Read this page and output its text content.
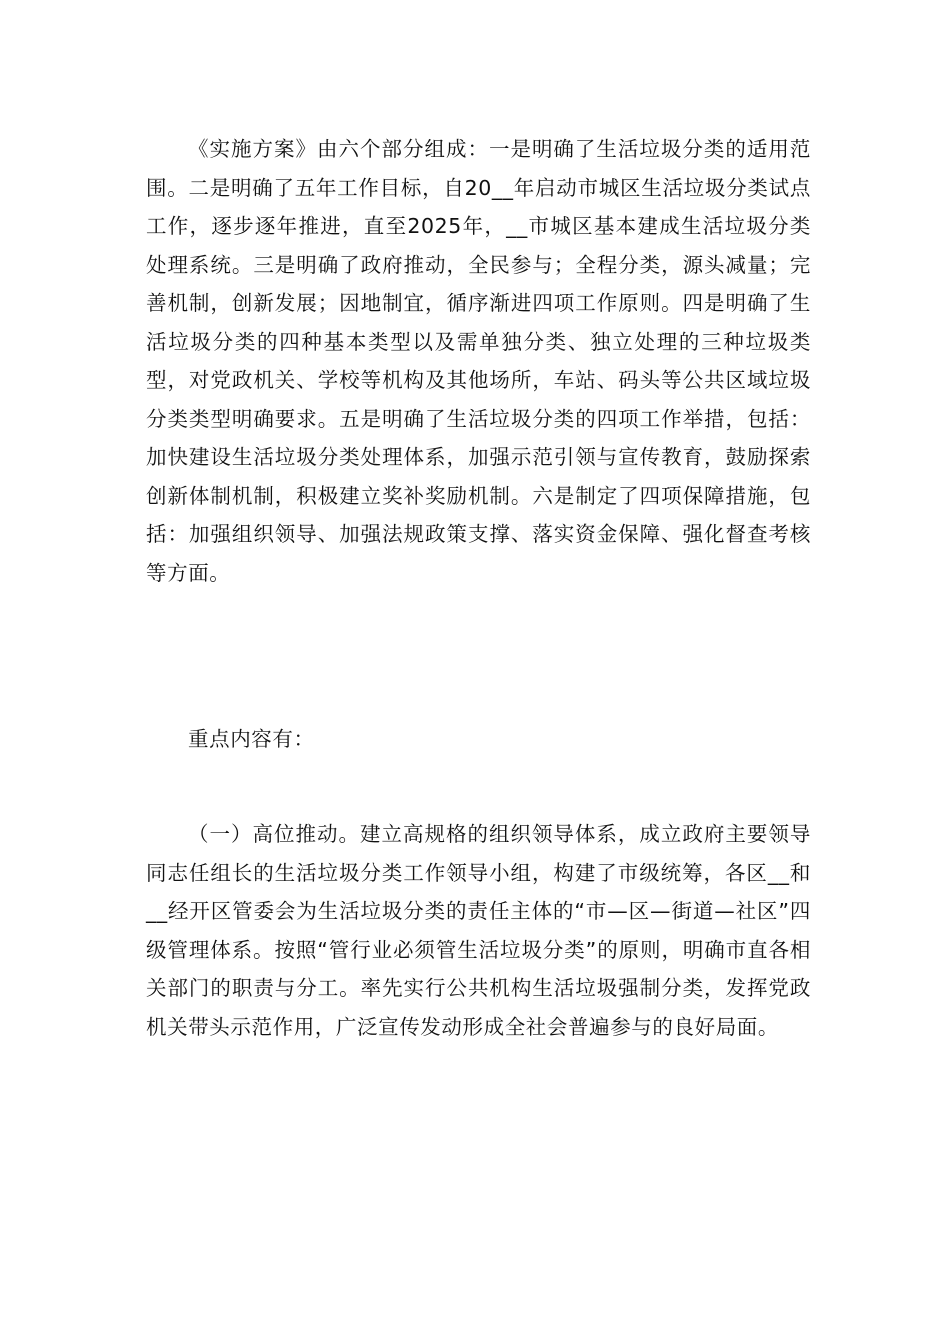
《实施方案》由六个部分组成：一是明确了生活垃圾分类的适用范围。二是明确了五年工作目标，自20__年启动市城区生活垃圾分类试点工作，逐步逐年推进，直至2025年，__市城区基本建成生活垃圾分类处理系统。三是明确了政府推动，全民参与；全程分类，源头减量；完善机制，创新发展；因地制宜，循序渐进四项工作原则。四是明确了生活垃圾分类的四种基本类型以及需单独分类、独立处理的三种垃圾类型，对党政机关、学校等机构及其他场所，车站、码头等公共区域垃圾分类类型明确要求。五是明确了生活垃圾分类的四项工作举措，包括：加快建设生活垃圾分类处理体系，加强示范引领与宣传教育，鼓励探索创新体制机制，积极建立奖补奖励机制。六是制定了四项保障措施，包括：加强组织领导、加强法规政策支撑、落实资金保障、强化督查考核等方面。

重点内容有：

（一）高位推动。建立高规格的组织领导体系，成立政府主要领导同志任组长的生活垃圾分类工作领导小组，构建了市级统筹，各区__和__经开区管委会为生活垃圾分类的责任主体的“市—区—街道—社区”四级管理体系。按照“管行业必须管生活垃圾分类”的原则，明确市直各相关部门的职责与分工。率先实行公共机构生活垃圾强制分类，发挥党政机关带头示范作用，广泛宣传发动形成全社会普遍参与的良好局面。
